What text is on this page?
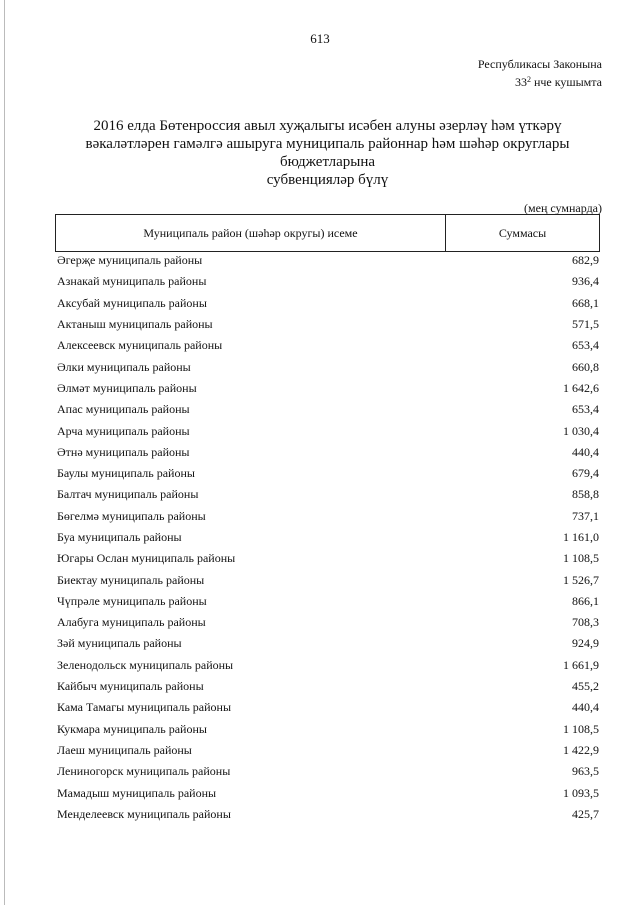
613
Республикасы Законына
$33^2$ нче кушымта
2016 елда Бөтенроссия авыл хуҗалыгы исәбен алуны әзерләү һәм үткәрү
вәкаләтләрен гамәлгә ашыруга муниципаль районнар һәм шәһәр округлары
бюджетларына
субвенцияләр бүлү
(мең сумнарда)
Муниципаль район (шәһәр округы) исеме	Суммасы
Әгерҗе муниципаль районы	682,9
Азнакай муниципаль районы	936,4
Аксубай муниципаль районы	668,1
Актаныш муниципаль районы	571,5
Алексеевск муниципаль районы	653,4
Әлки муниципаль районы	660,8
Әлмәт муниципаль районы	1 642,6
Апас муниципаль районы	653,4
Арча муниципаль районы	1 030,4
Әтнә муниципаль районы	440,4
Баулы муниципаль районы	679,4
Балтач муниципаль районы	858,8
Бөгелмә муниципаль районы	737,1
Буа муниципаль районы	1 161,0
Югары Ослан муниципаль районы	1 108,5
Биектау муниципаль районы	1 526,7
Чүпрәле муниципаль районы	866,1
Алабуга муниципаль районы	708,3
Зәй муниципаль районы	924,9
Зеленодольск муниципаль районы	1 661,9
Кайбыч муниципаль районы	455,2
Кама Тамагы муниципаль районы	440,4
Кукмара муниципаль районы	1 108,5
Лаеш муниципаль районы	1 422,9
Лениногорск муниципаль районы	963,5
Мамадыш муниципаль районы	1 093,5
Менделеевск муниципаль районы	425,7
